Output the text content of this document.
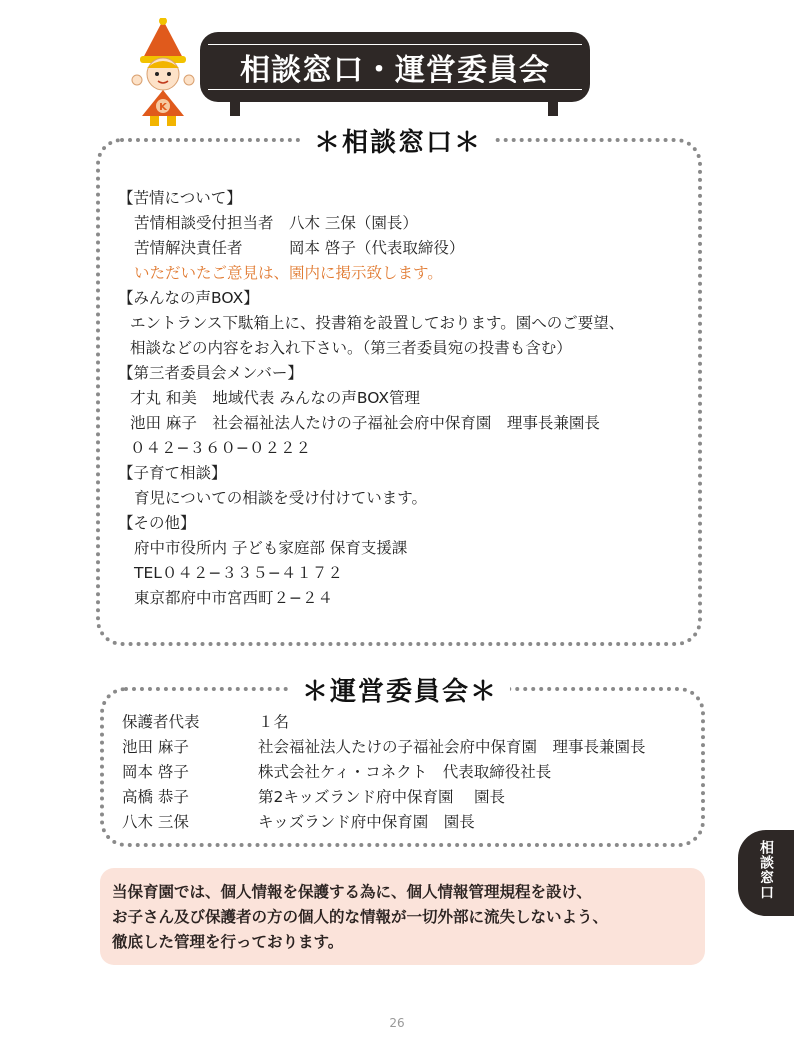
K
相談窓口・運営委員会
＊相談窓口＊
【苦情について】
苦情相談受付担当者　八木 三保（園長）
苦情解決責任者　　　岡本 啓子（代表取締役）
いただいたご意見は、園内に掲示致します。
【みんなの声BOX】
エントランス下駄箱上に、投書箱を設置しております。園へのご要望、
相談などの内容をお入れ下さい。（第三者委員宛の投書も含む）
【第三者委員会メンバー】
才丸 和美　地域代表 みんなの声BOX管理
池田 麻子　社会福祉法人たけの子福祉会府中保育園　理事長兼園長
０４２−３６０−０２２２
【子育て相談】
育児についての相談を受け付けています。
【その他】
府中市役所内 子ども家庭部 保育支援課
TEL０４２−３３５−４１７２
東京都府中市宮西町２−２４
＊運営委員会＊
保護者代表	１名
池田 麻子	社会福祉法人たけの子福祉会府中保育園　理事長兼園長
岡本 啓子	株式会社ケィ・コネクト　代表取締役社長
高橋 恭子	第2キッズランド府中保育園　 園長
八木 三保	キッズランド府中保育園　園長
当保育園では、個人情報を保護する為に、個人情報管理規程を設け、
お子さん及び保護者の方の個人的な情報が一切外部に流失しないよう、
徹底した管理を行っております。
相談窓口
26
